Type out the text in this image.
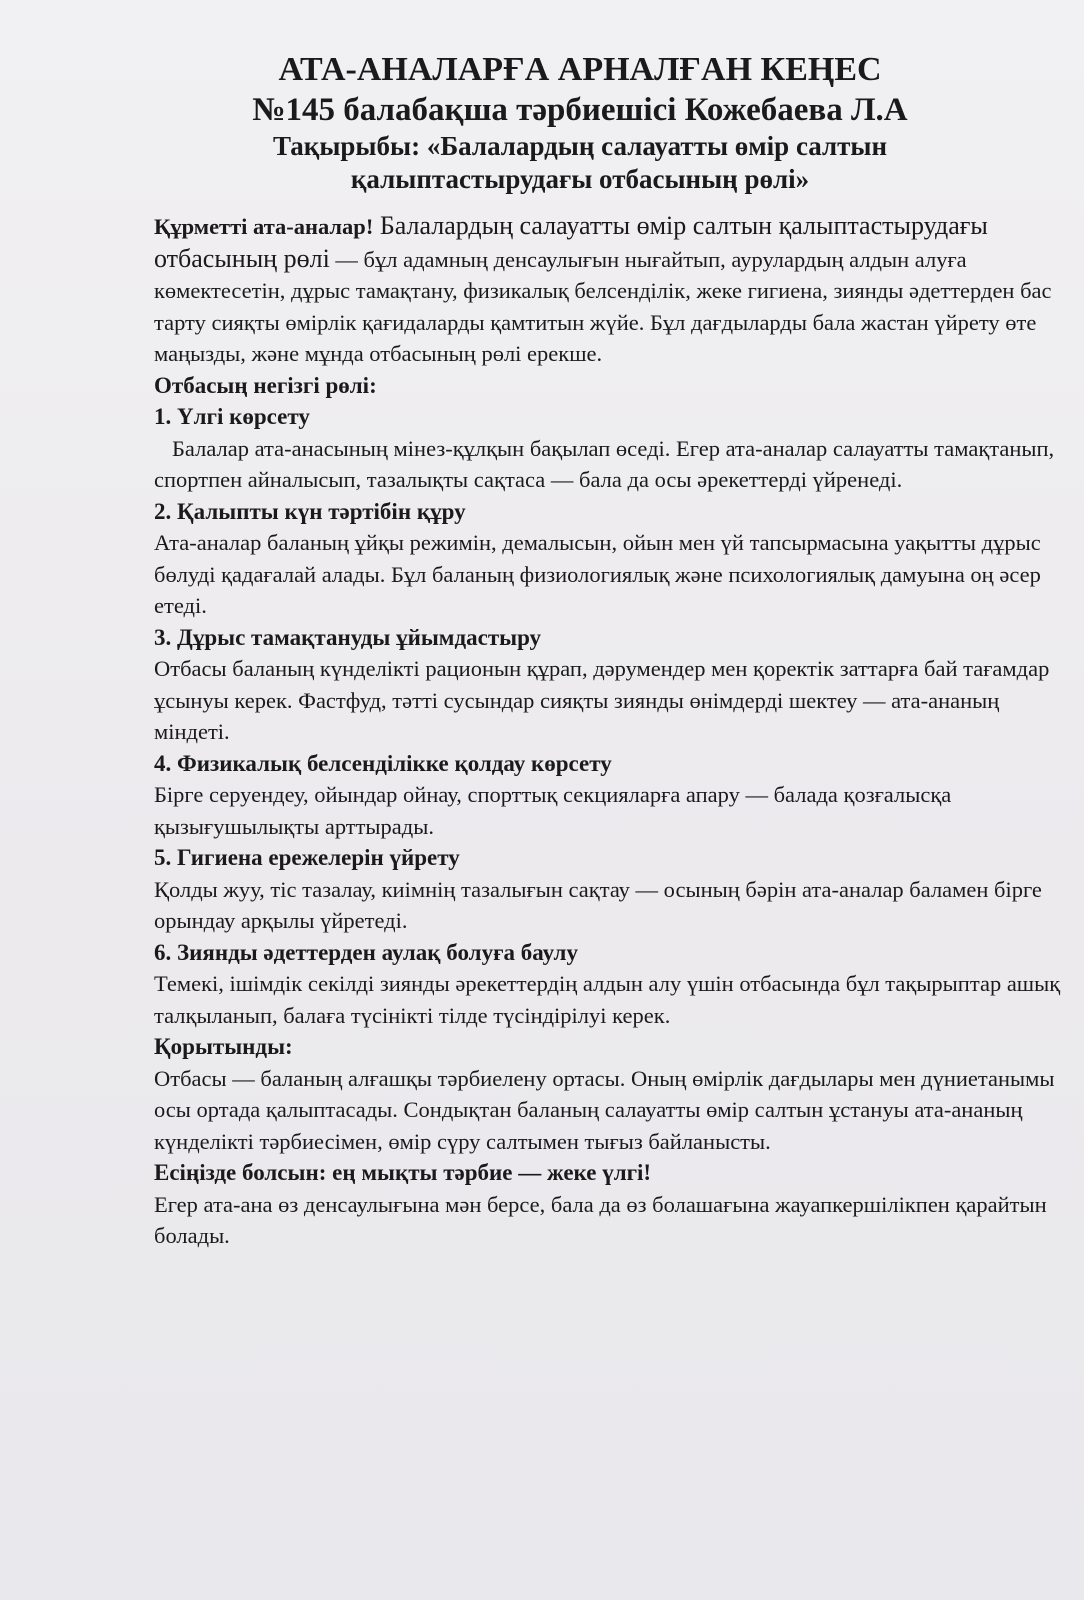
АТА-АНАЛАРҒА АРНАЛҒАН КЕҢЕС
№145 балабақша тәрбиешісі Кожебаева Л.А
Тақырыбы: «Балалардың салауатты өмір салтын
қалыптастырудағы отбасының рөлі»

Құрметті ата-аналар! Балалардың салауатты өмір салтын қалыптастырудағы отбасының рөлі — бұл адамның денсаулығын нығайтып, аурулардың алдын алуға көмектесетін, дұрыс тамақтану, физикалық белсенділік, жеке гигиена, зиянды әдеттерден бас тарту сияқты өмірлік қағидаларды қамтитын жүйе. Бұл дағдыларды бала жастан үйрету өте маңызды, және мұнда отбасының рөлі ерекше.

Отбасың негізгі рөлі:

1. Үлгі көрсету

Балалар ата-анасының мінез-құлқын бақылап өседі. Егер ата-аналар салауатты тамақтанып, спортпен айналысып, тазалықты сақтаса — бала да осы әрекеттерді үйренеді.

2. Қалыпты күн тәртібін құру

Ата-аналар баланың ұйқы режимін, демалысын, ойын мен үй тапсырмасына уақытты дұрыс бөлуді қадағалай алады. Бұл баланың физиологиялық және психологиялық дамуына оң әсер етеді.

3. Дұрыс тамақтануды ұйымдастыру

Отбасы баланың күнделікті рационын құрап, дәрумендер мен қоректік заттарға бай тағамдар ұсынуы керек. Фастфуд, тәтті сусындар сияқты зиянды өнімдерді шектеу — ата-ананың міндеті.

4. Физикалық белсенділікке қолдау көрсету

Бірге серуендеу, ойындар ойнау, спорттық секцияларға апару — балада қозғалысқа қызығушылықты арттырады.

5. Гигиена ережелерін үйрету

Қолды жуу, тіс тазалау, киімнің тазалығын сақтау — осының бәрін ата-аналар баламен бірге орындау арқылы үйретеді.

6. Зиянды әдеттерден аулақ болуға баулу

Темекі, ішімдік секілді зиянды әрекеттердің алдын алу үшін отбасында бұл тақырыптар ашық талқыланып, балаға түсінікті тілде түсіндірілуі керек.

Қорытынды:

Отбасы — баланың алғашқы тәрбиелену ортасы. Оның өмірлік дағдылары мен дүниетанымы осы ортада қалыптасады. Сондықтан баланың салауатты өмір салтын ұстануы ата-ананың күнделікті тәрбиесімен, өмір сүру салтымен тығыз байланысты.

Есіңізде болсын: ең мықты тәрбие — жеке үлгі!

Егер ата-ана өз денсаулығына мән берсе, бала да өз болашағына жауапкершілікпен қарайтын болады.
